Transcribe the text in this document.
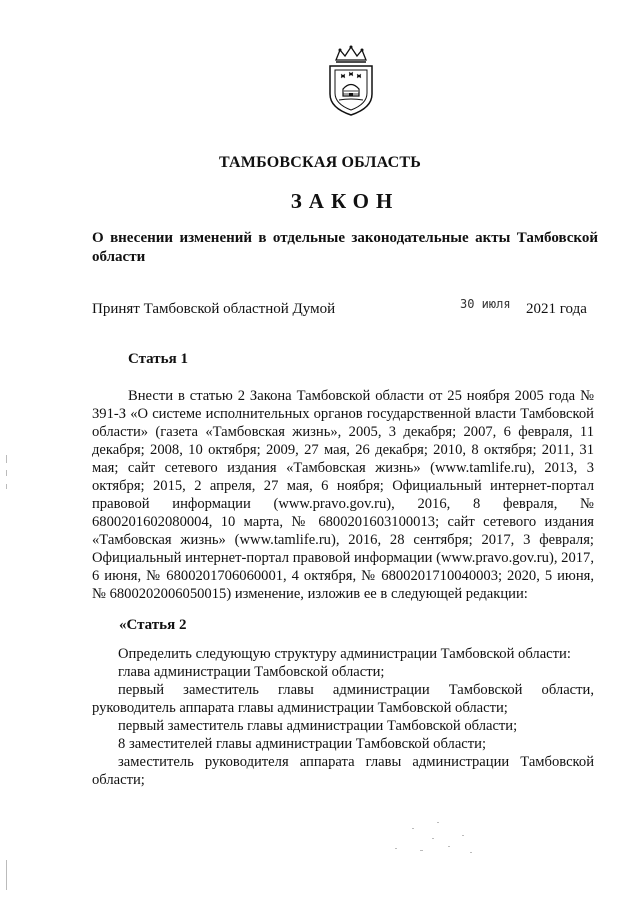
ТАМБОВСКАЯ ОБЛАСТЬ
ЗАКОН
О внесении изменений в отдельные законодательные акты Тамбовской области
Принят Тамбовской областной Думой	30 июля 2021 года
Статья 1
Внести в статью 2 Закона Тамбовской области от 25 ноября 2005 года № 391-З «О системе исполнительных органов государственной власти Тамбовской области» (газета «Тамбовская жизнь», 2005, 3 декабря; 2007, 6 февраля, 11 декабря; 2008, 10 октября; 2009, 27 мая, 26 декабря; 2010, 8 октября; 2011, 31 мая; сайт сетевого издания «Тамбовская жизнь» (www.tamlife.ru), 2013, 3 октября; 2015, 2 апреля, 27 мая, 6 ноября; Официальный интернет-портал правовой информации (www.pravo.gov.ru), 2016, 8 февраля, № 6800201602080004, 10 марта, № 6800201603100013; сайт сетевого издания «Тамбовская жизнь» (www.tamlife.ru), 2016, 28 сентября; 2017, 3 февраля; Официальный интернет-портал правовой информации (www.pravo.gov.ru), 2017, 6 июня, № 6800201706060001, 4 октября, № 6800201710040003; 2020, 5 июня, № 6800202006050015) изменение, изложив ее в следующей редакции:
«Статья 2
Определить следующую структуру администрации Тамбовской области:
глава администрации Тамбовской области;
первый заместитель главы администрации Тамбовской области, руководитель аппарата главы администрации Тамбовской области;
первый заместитель главы администрации Тамбовской области;
8 заместителей главы администрации Тамбовской области;
заместитель руководителя аппарата главы администрации Тамбовской области;
